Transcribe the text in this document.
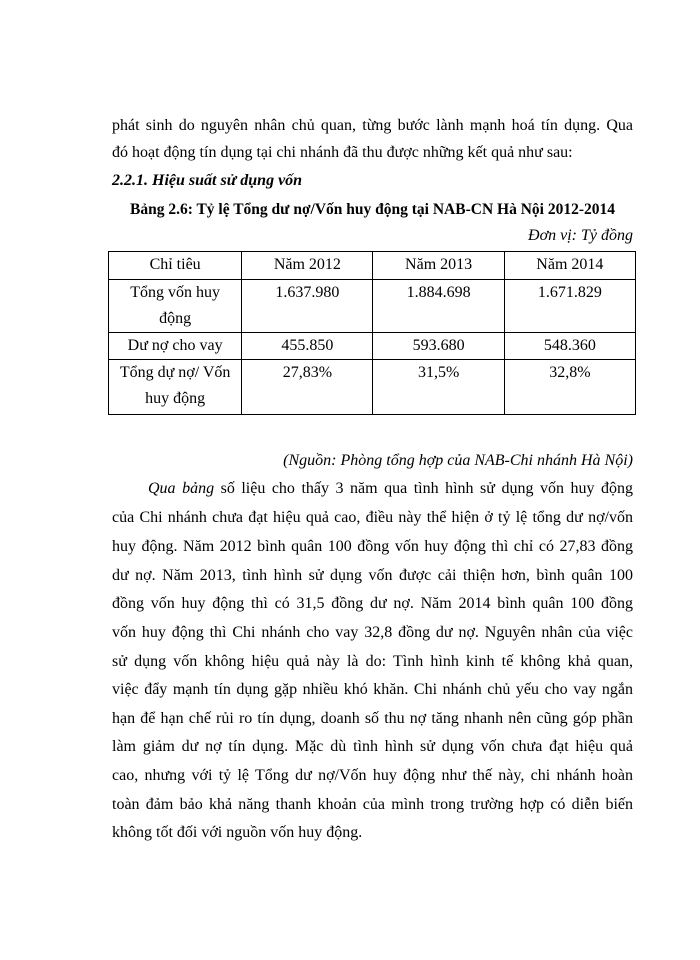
phát sinh do nguyên nhân chủ quan, từng bước lành mạnh hoá tín dụng. Qua

đó hoạt động tín dụng tại chi nhánh đã thu được những kết quả như sau:

2.2.1. Hiệu suất sử dụng vốn

Bảng 2.6: Tỷ lệ Tổng dư nợ/Vốn huy động tại NAB-CN Hà Nội 2012-2014

Đơn vị: Tỷ đồng

Chỉ tiêu	Năm 2012	Năm 2013	Năm 2014
Tổng vốn huy
động	1.637.980	1.884.698	1.671.829
Dư nợ cho vay	455.850	593.680	548.360
Tổng dự nợ/ Vốn
huy động	27,83%	31,5%	32,8%

(Nguồn: Phòng tổng hợp của NAB-Chi nhánh Hà Nội)

Qua bảng số liệu cho thấy 3 năm qua tình hình sử dụng vốn huy động

của Chi nhánh chưa đạt hiệu quả cao, điều này thể hiện ở tỷ lệ tổng dư nợ/vốn

huy động. Năm 2012 bình quân 100 đồng vốn huy động thì chỉ có 27,83 đồng

dư nợ. Năm 2013, tình hình sử dụng vốn được cải thiện hơn, bình quân 100

đồng vốn huy động thì có 31,5 đồng dư nợ. Năm 2014 bình quân 100 đồng

vốn huy động thì Chi nhánh cho vay 32,8 đồng dư nợ. Nguyên nhân của việc

sử dụng vốn không hiệu quả này là do: Tình hình kinh tế không khả quan,

việc đẩy mạnh tín dụng gặp nhiều khó khăn. Chi nhánh chủ yếu cho vay ngắn

hạn để hạn chế rủi ro tín dụng, doanh số thu nợ tăng nhanh nên cũng góp phần

làm giảm dư nợ tín dụng. Mặc dù tình hình sử dụng vốn chưa đạt hiệu quả

cao, nhưng với tỷ lệ Tổng dư nợ/Vốn huy động như thế này, chi nhánh hoàn

toàn đảm bảo khả năng thanh khoản của mình trong trường hợp có diễn biến

không tốt đối với nguồn vốn huy động.
